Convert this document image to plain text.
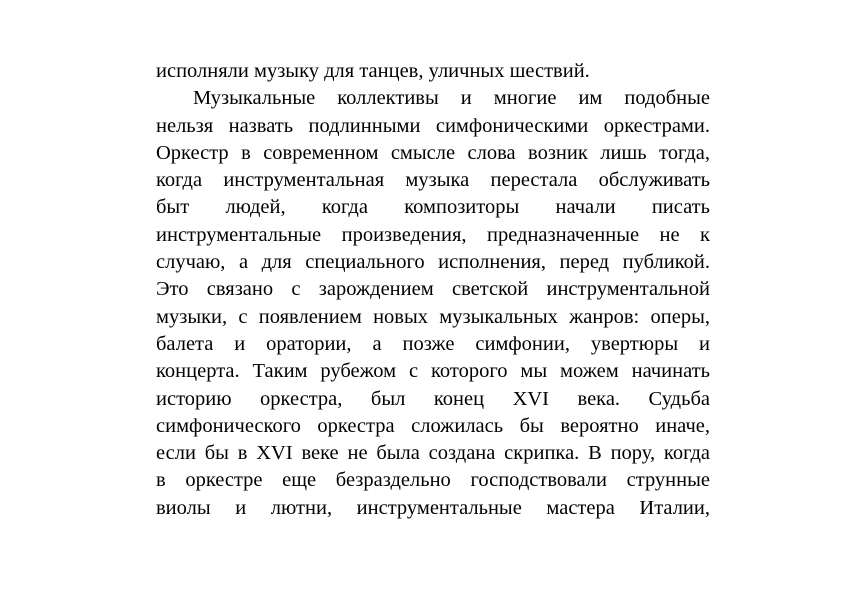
исполняли музыку для танцев, уличных шествий.
Музыкальные коллективы и многие им подобные
нельзя назвать подлинными симфоническими оркестрами.
Оркестр в современном смысле слова возник лишь тогда,
когда инструментальная музыка перестала обслуживать
быт людей, когда композиторы начали писать
инструментальные произведения, предназначенные не к
случаю, а для специального исполнения, перед публикой.
Это связано с зарождением светской инструментальной
музыки, с появлением новых музыкальных жанров: оперы,
балета и оратории, а позже симфонии, увертюры и
концерта. Таким рубежом с которого мы можем начинать
историю оркестра, был конец XVI века. Судьба
симфонического оркестра сложилась бы вероятно иначе,
если бы в XVI веке не была создана скрипка. В пору, когда
в оркестре еще безраздельно господствовали струнные
виолы и лютни, инструментальные мастера Италии,
